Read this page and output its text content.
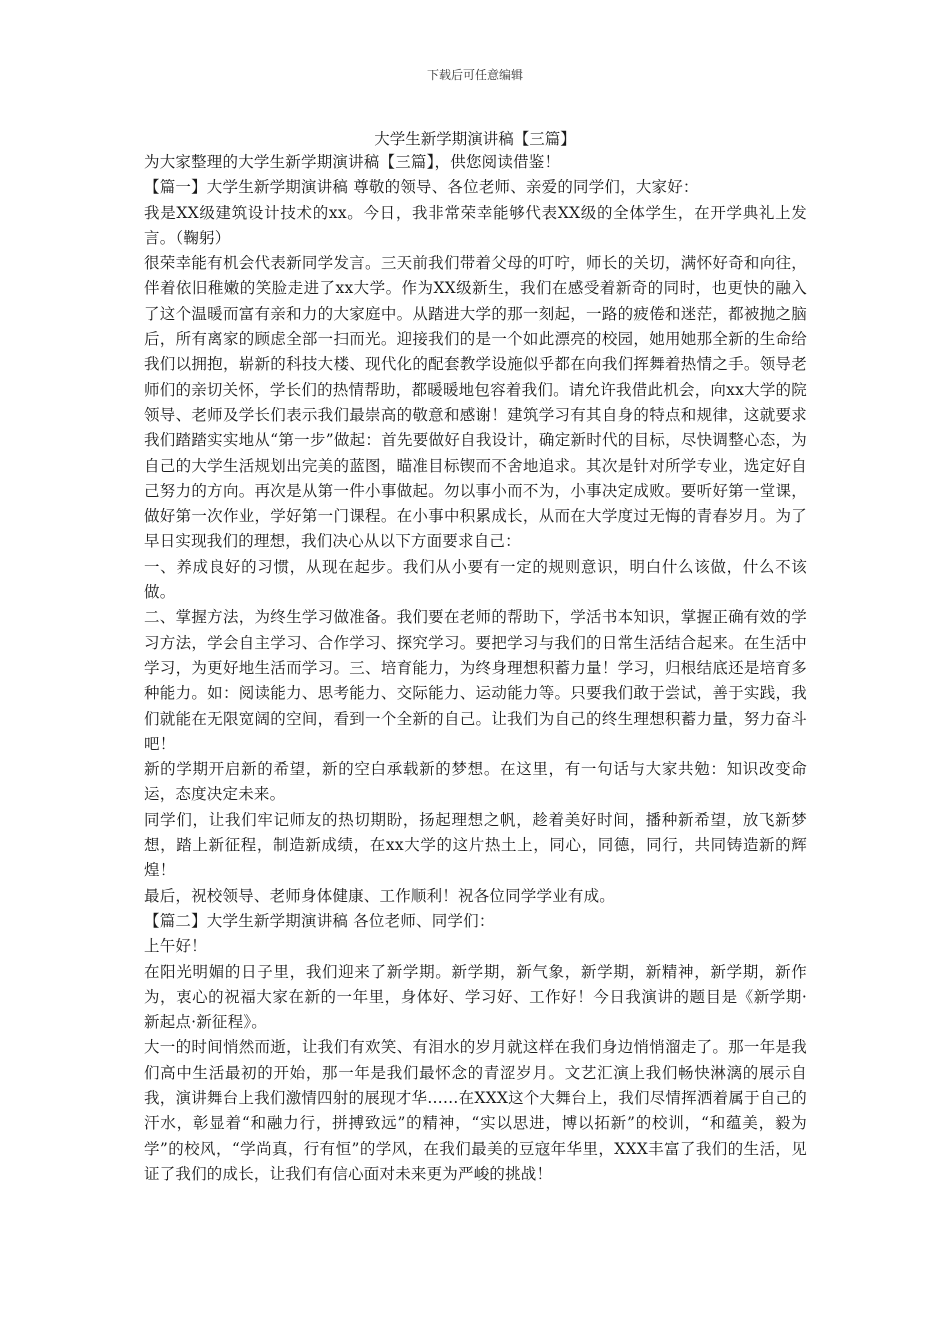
下载后可任意编辑
大学生新学期演讲稿【三篇】

为大家整理的大学生新学期演讲稿【三篇】，供您阅读借鉴！

【篇一】大学生新学期演讲稿 尊敬的领导、各位老师、亲爱的同学们，大家好：

我是XX级建筑设计技术的xx。今日，我非常荣幸能够代表XX级的全体学生，在开学典礼上发言。（鞠躬）

很荣幸能有机会代表新同学发言。三天前我们带着父母的叮咛，师长的关切，满怀好奇和向往，伴着依旧稚嫩的笑脸走进了xx大学。作为XX级新生，我们在感受着新奇的同时，也更快的融入了这个温暖而富有亲和力的大家庭中。从踏进大学的那一刻起，一路的疲倦和迷茫，都被抛之脑后，所有离家的顾虑全部一扫而光。迎接我们的是一个如此漂亮的校园，她用她那全新的生命给我们以拥抱，崭新的科技大楼、现代化的配套教学设施似乎都在向我们挥舞着热情之手。领导老师们的亲切关怀，学长们的热情帮助，都暖暖地包容着我们。请允许我借此机会，向xx大学的院领导、老师及学长们表示我们最崇高的敬意和感谢！建筑学习有其自身的特点和规律，这就要求我们踏踏实实地从“第一步”做起：首先要做好自我设计，确定新时代的目标，尽快调整心态，为自己的大学生活规划出完美的蓝图，瞄准目标锲而不舍地追求。其次是针对所学专业，选定好自己努力的方向。再次是从第一件小事做起。勿以事小而不为，小事决定成败。要听好第一堂课，做好第一次作业，学好第一门课程。在小事中积累成长，从而在大学度过无悔的青春岁月。为了早日实现我们的理想，我们决心从以下方面要求自己：

一、养成良好的习惯，从现在起步。我们从小要有一定的规则意识，明白什么该做，什么不该做。

二、掌握方法，为终生学习做准备。我们要在老师的帮助下，学活书本知识，掌握正确有效的学习方法，学会自主学习、合作学习、探究学习。要把学习与我们的日常生活结合起来。在生活中学习，为更好地生活而学习。三、培育能力，为终身理想积蓄力量！学习，归根结底还是培育多种能力。如：阅读能力、思考能力、交际能力、运动能力等。只要我们敢于尝试，善于实践，我们就能在无限宽阔的空间，看到一个全新的自己。让我们为自己的终生理想积蓄力量，努力奋斗吧！

新的学期开启新的希望，新的空白承载新的梦想。在这里，有一句话与大家共勉：知识改变命运，态度决定未来。

同学们，让我们牢记师友的热切期盼，扬起理想之帆，趁着美好时间，播种新希望，放飞新梦想，踏上新征程，制造新成绩，在xx大学的这片热土上，同心，同德，同行，共同铸造新的辉煌！

最后，祝校领导、老师身体健康、工作顺利！祝各位同学学业有成。

【篇二】大学生新学期演讲稿 各位老师、同学们：

上午好！

在阳光明媚的日子里，我们迎来了新学期。新学期，新气象，新学期，新精神，新学期，新作为，衷心的祝福大家在新的一年里，身体好、学习好、工作好！今日我演讲的题目是《新学期·新起点·新征程》。

大一的时间悄然而逝，让我们有欢笑、有泪水的岁月就这样在我们身边悄悄溜走了。那一年是我们高中生活最初的开始，那一年是我们最怀念的青涩岁月。文艺汇演上我们畅快淋漓的展示自我，演讲舞台上我们激情四射的展现才华……在XXX这个大舞台上，我们尽情挥洒着属于自己的汗水，彰显着“和融力行，拼搏致远”的精神，“实以思进，博以拓新”的校训，“和蕴美，毅为学”的校风，“学尚真，行有恒”的学风，在我们最美的豆寇年华里，XXX丰富了我们的生活，见证了我们的成长，让我们有信心面对未来更为严峻的挑战！
